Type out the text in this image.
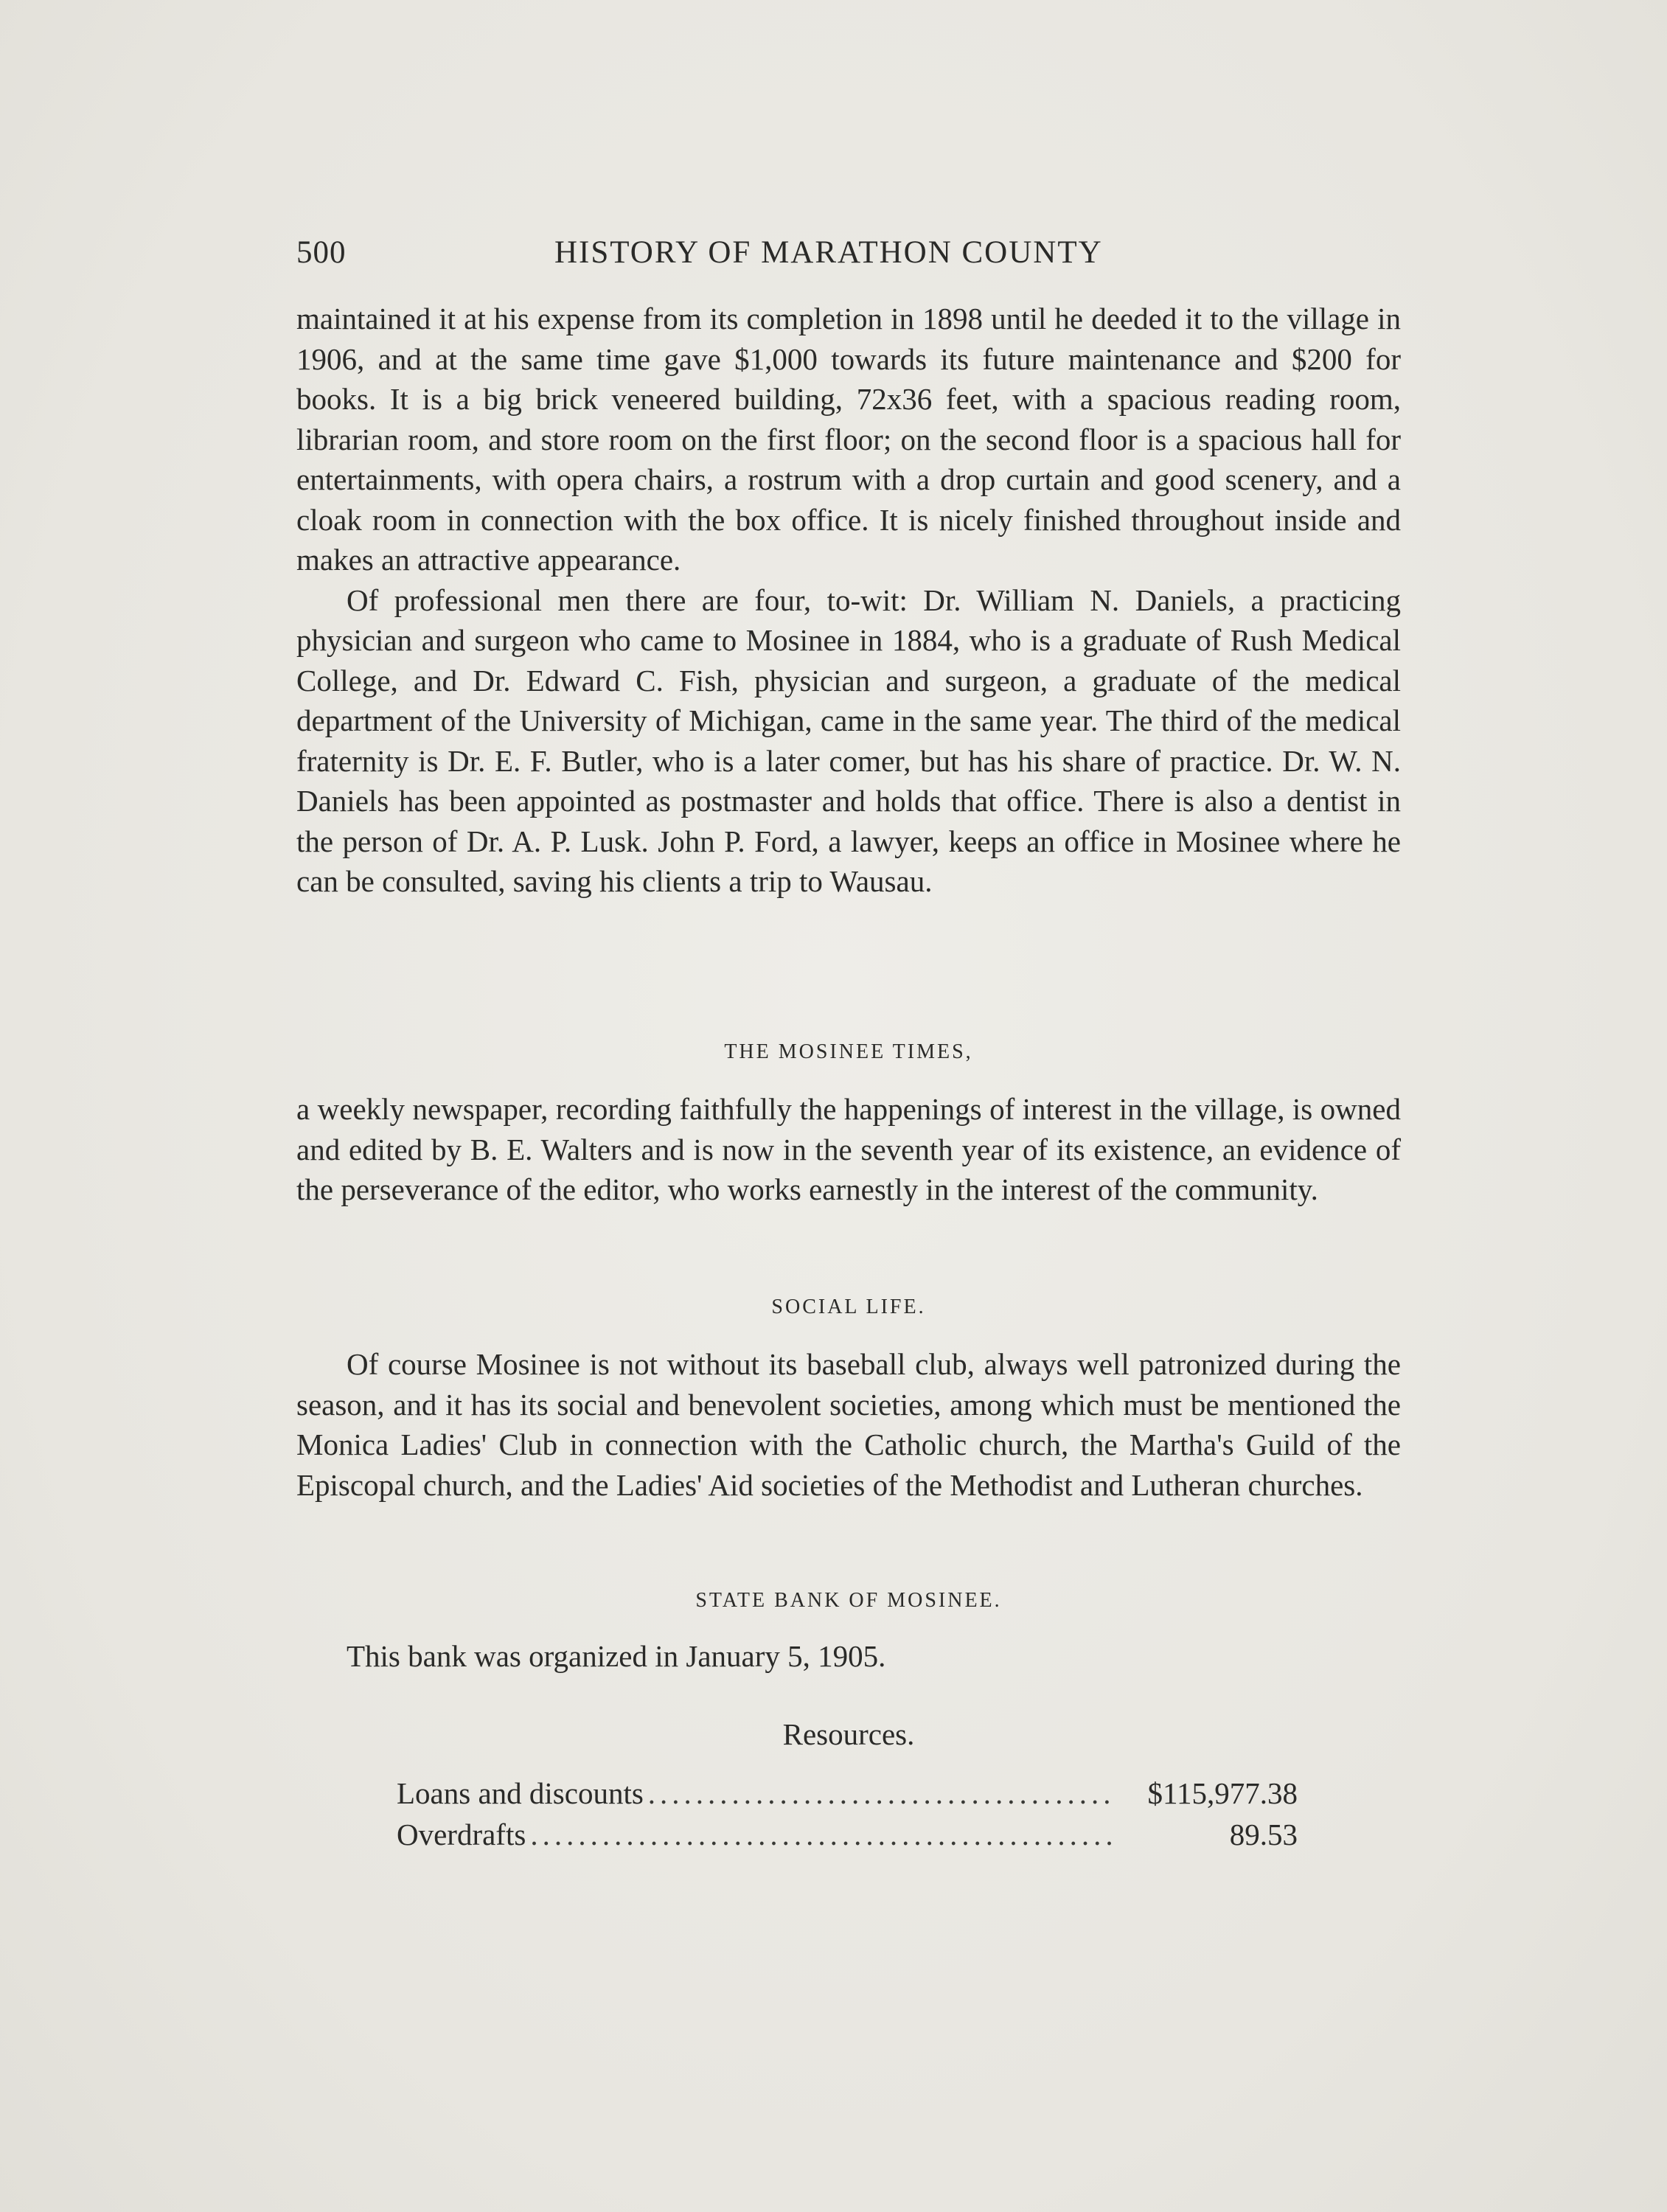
500	HISTORY OF MARATHON COUNTY

maintained it at his expense from its completion in 1898 until he deeded it to the village in 1906, and at the same time gave $1,000 towards its future maintenance and $200 for books. It is a big brick veneered building, 72x36 feet, with a spacious reading room, librarian room, and store room on the first floor; on the second floor is a spacious hall for entertainments, with opera chairs, a rostrum with a drop curtain and good scenery, and a cloak room in connection with the box office. It is nicely finished throughout inside and makes an attractive appearance.

Of professional men there are four, to-wit: Dr. William N. Daniels, a practicing physician and surgeon who came to Mosinee in 1884, who is a graduate of Rush Medical College, and Dr. Edward C. Fish, physician and surgeon, a graduate of the medical department of the University of Michigan, came in the same year. The third of the medical fraternity is Dr. E. F. Butler, who is a later comer, but has his share of practice. Dr. W. N. Daniels has been appointed as postmaster and holds that office. There is also a dentist in the person of Dr. A. P. Lusk. John P. Ford, a lawyer, keeps an office in Mosinee where he can be consulted, saving his clients a trip to Wausau.

THE MOSINEE TIMES,

a weekly newspaper, recording faithfully the happenings of interest in the village, is owned and edited by B. E. Walters and is now in the seventh year of its existence, an evidence of the perseverance of the editor, who works earnestly in the interest of the community.

SOCIAL LIFE.

Of course Mosinee is not without its baseball club, always well patronized during the season, and it has its social and benevolent societies, among which must be mentioned the Monica Ladies' Club in connection with the Catholic church, the Martha's Guild of the Episcopal church, and the Ladies' Aid societies of the Methodist and Lutheran churches.

STATE BANK OF MOSINEE.
This bank was organized in January 5, 1905.
Resources.
Loans and discounts .....	$115,977.38
Overdrafts .....	89.53
